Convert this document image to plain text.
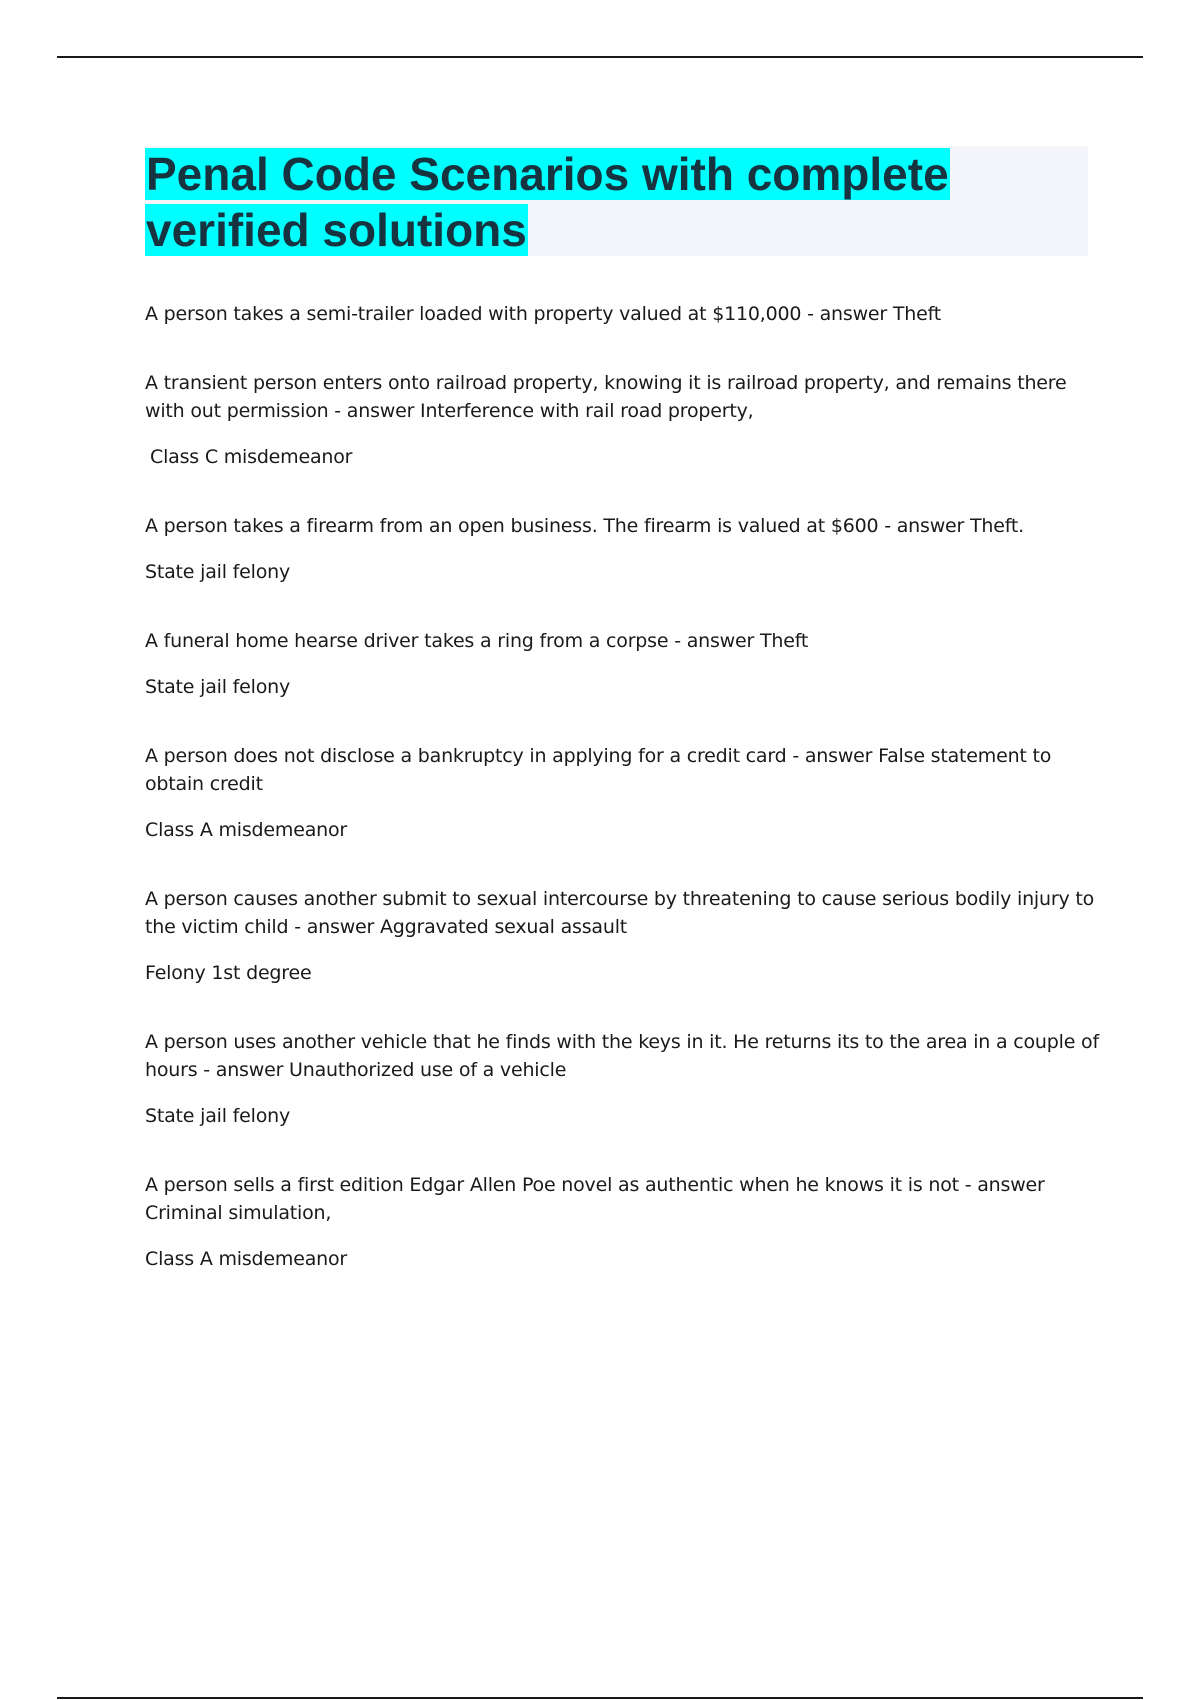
Penal Code Scenarios with complete verified solutions

A person takes a semi-trailer loaded with property valued at $110,000 - answer Theft

A transient person enters onto railroad property, knowing it is railroad property, and remains there with out permission - answer Interference with rail road property,

Class C misdemeanor

A person takes a firearm from an open business. The firearm is valued at $600 - answer Theft.

State jail felony

A funeral home hearse driver takes a ring from a corpse - answer Theft

State jail felony

A person does not disclose a bankruptcy in applying for a credit card - answer False statement to obtain credit

Class A misdemeanor

A person causes another submit to sexual intercourse by threatening to cause serious bodily injury to the victim child - answer Aggravated sexual assault

Felony 1st degree

A person uses another vehicle that he finds with the keys in it. He returns its to the area in a couple of hours - answer Unauthorized use of a vehicle

State jail felony

A person sells a first edition Edgar Allen Poe novel as authentic when he knows it is not - answer Criminal simulation,

Class A misdemeanor
